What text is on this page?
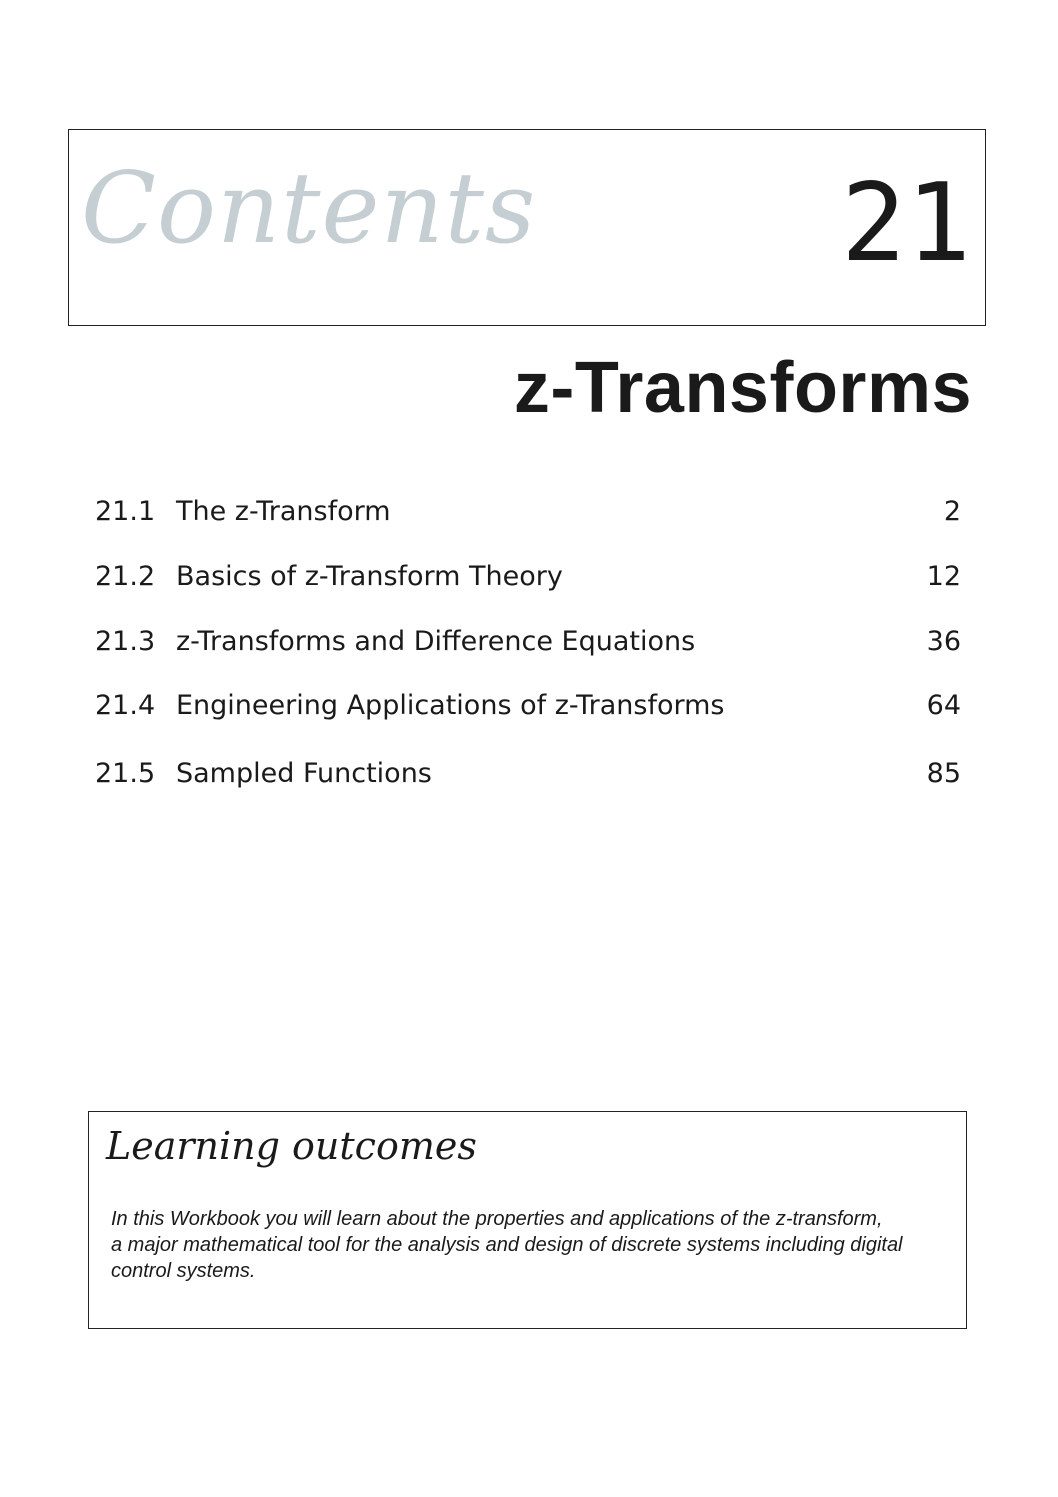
Contents	21
z-Transforms
21.1 The z-Transform	2
21.2 Basics of z-Transform Theory	12
21.3 z-Transforms and Difference Equations	36
21.4 Engineering Applications of z-Transforms	64
21.5 Sampled Functions	85
Learning outcomes
In this Workbook you will learn about the properties and applications of the z-transform,
a major mathematical tool for the analysis and design of discrete systems including digital
control systems.
